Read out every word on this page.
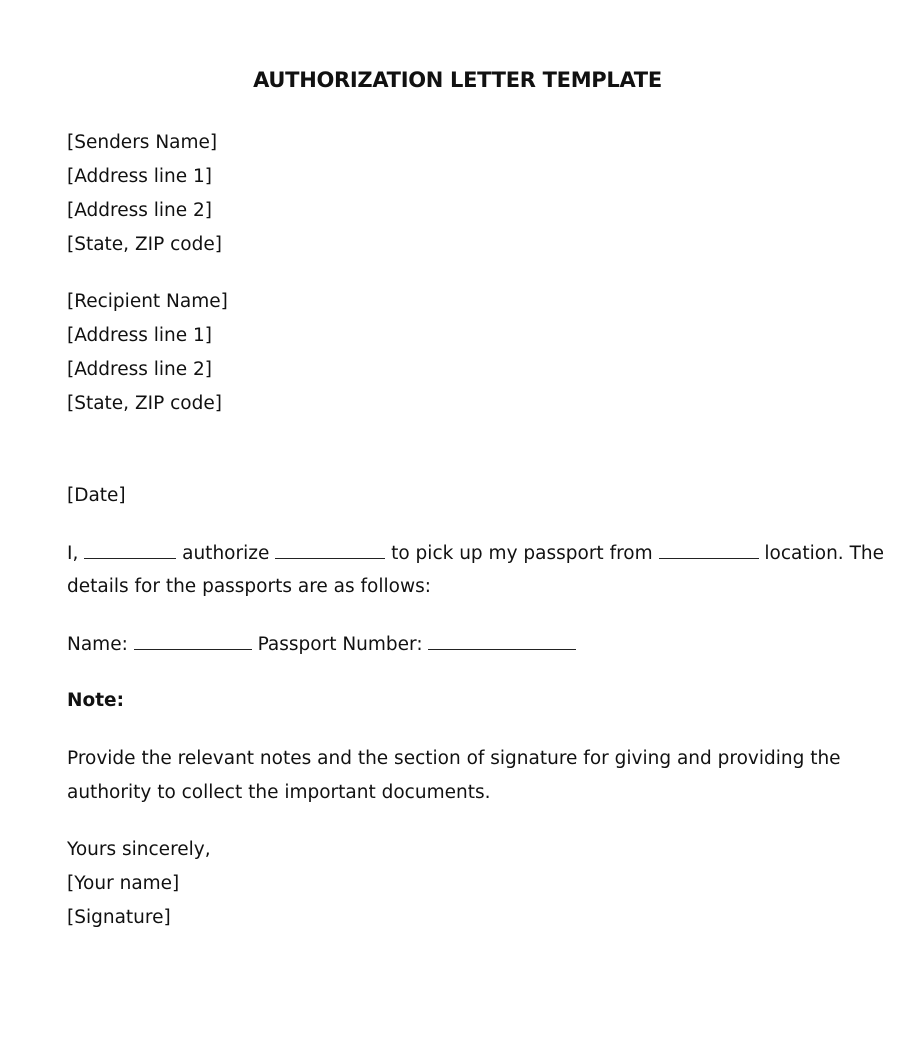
AUTHORIZATION LETTER TEMPLATE
[Senders Name]
[Address line 1]
[Address line 2]
[State, ZIP code]
[Recipient Name]
[Address line 1]
[Address line 2]
[State, ZIP code]
[Date]
I,	authorize	to pick up my passport from	location. The
details for the passports are as follows:
Name:	Passport Number:
Note:
Provide the relevant notes and the section of signature for giving and providing the
authority to collect the important documents.
Yours sincerely,
[Your name]
[Signature]
